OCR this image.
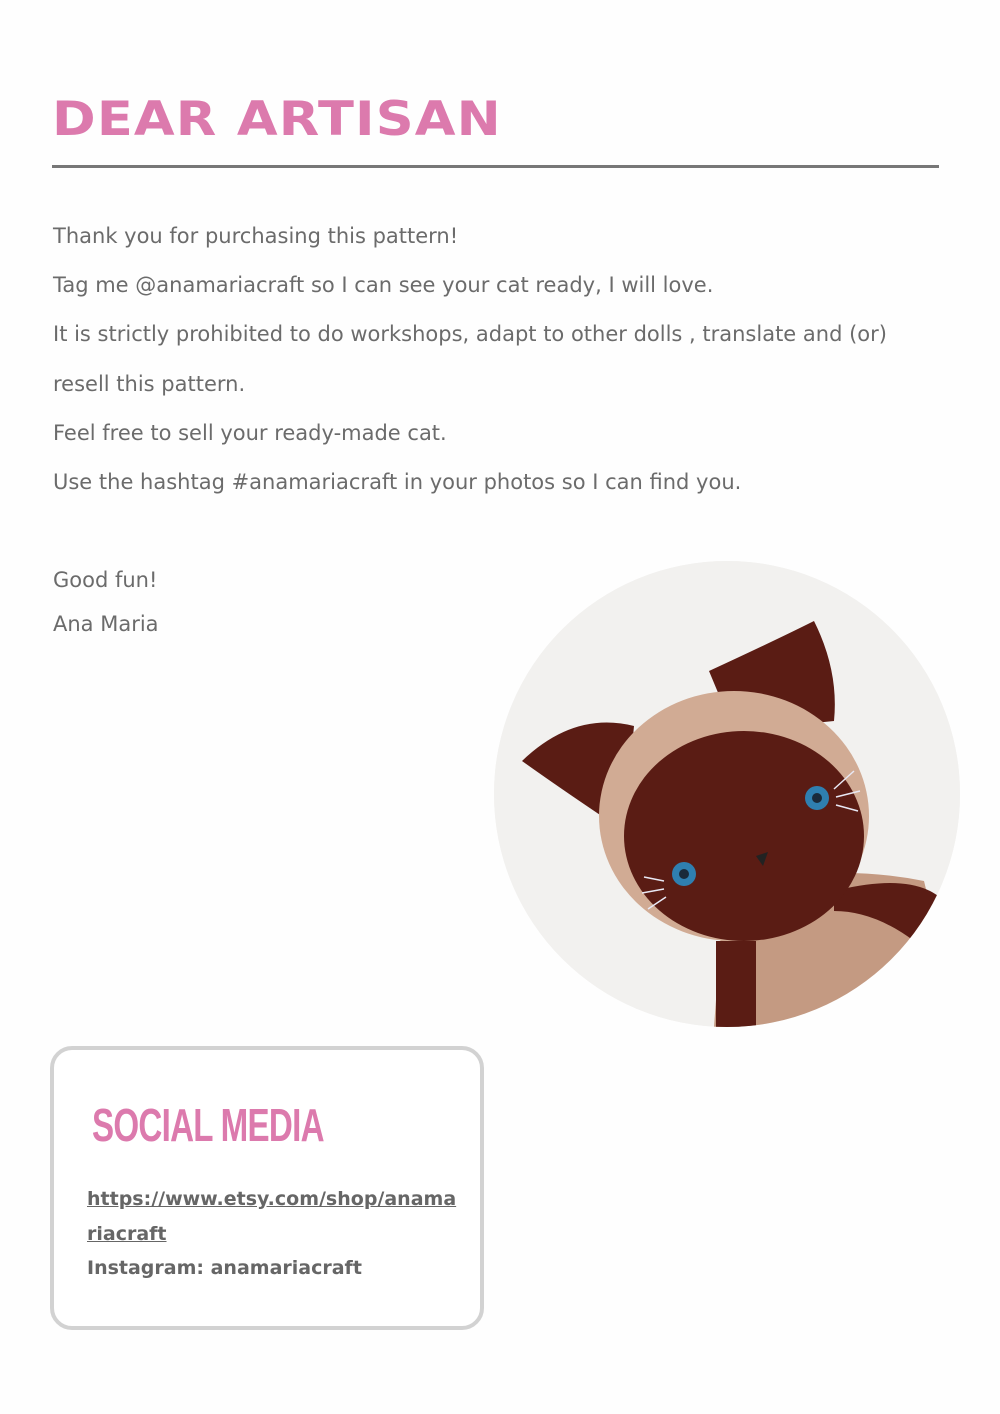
DEAR ARTISAN
Thank you for purchasing this pattern!
Tag me @anamariacraft so I can see your cat ready, I will love.
It is strictly prohibited to do workshops, adapt to other dolls , translate and (or)
resell this pattern.
Feel free to sell your ready-made cat.
Use the hashtag #anamariacraft in your photos so I can find you.
Good fun!
Ana Maria
SOCIAL MEDIA
https://www.etsy.com/shop/anamariacraft
Instagram: anamariacraft
